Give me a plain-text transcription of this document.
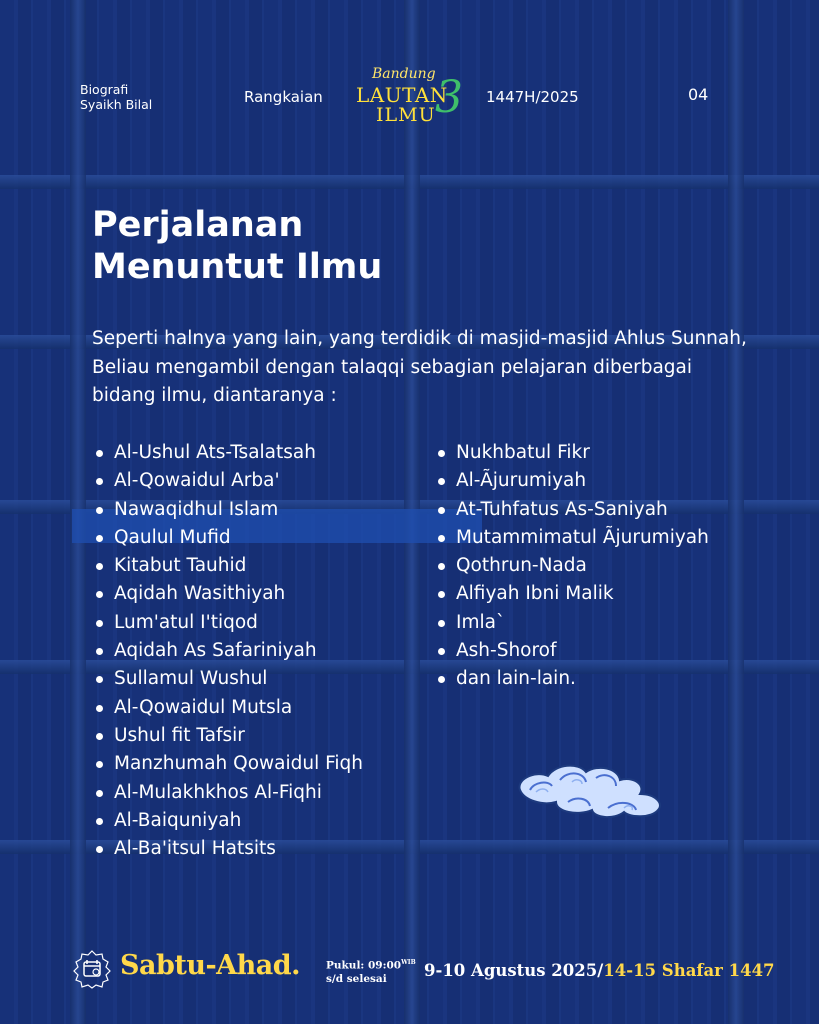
Biografi
Syaikh Bilal	Rangkaian
Bandung
LAUTAN
ILMU 3 1447H/2025	04
Perjalanan
Menuntut Ilmu

Seperti halnya yang lain, yang terdidik di masjid-masjid Ahlus Sunnah, Beliau mengambil dengan talaqqi sebagian pelajaran diberbagai bidang ilmu, diantaranya :

Al-Ushul Ats-Tsalatsah
Al-Qowaidul Arba'
Nawaqidhul Islam
Qaulul Mufid
Kitabut Tauhid
Aqidah Wasithiyah
Lum'atul I'tiqod
Aqidah As Safariniyah
Sullamul Wushul
Al-Qowaidul Mutsla
Ushul fit Tafsir
Manzhumah Qowaidul Fiqh
Al-Mulakhkhos Al-Fiqhi
Al-Baiquniyah
Al-Ba'itsul Hatsits
Nukhbatul Fikr
Al-Ãjurumiyah
At-Tuhfatus As-Saniyah
Mutammimatul Ãjurumiyah
Qothrun-Nada
Alfiyah Ibni Malik
Imla`
Ash-Shorof
dan lain-lain.
Sabtu-Ahad. Pukul: $09:00^{WIB}$
s/d selesai	9-10 Agustus 2025/14-15 Shafar 1447
